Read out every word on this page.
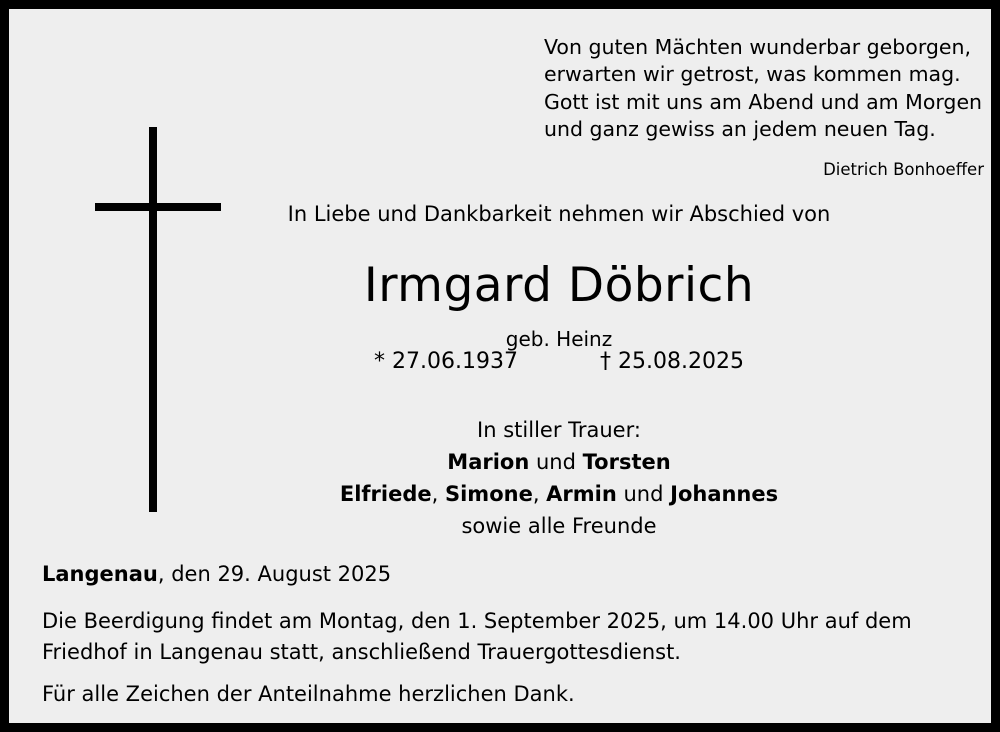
Von guten Mächten wunderbar geborgen,
erwarten wir getrost, was kommen mag.
Gott ist mit uns am Abend und am Morgen
und ganz gewiss an jedem neuen Tag.
Dietrich Bonhoeffer
In Liebe und Dankbarkeit nehmen wir Abschied von
Irmgard Döbrich
geb. Heinz
* 27.06.1937	† 25.08.2025
In stiller Trauer:
Marion und Torsten
Elfriede, Simone, Armin und Johannes
sowie alle Freunde
Langenau, den 29. August 2025
Die Beerdigung findet am Montag, den 1. September 2025, um 14.00 Uhr auf dem
Friedhof in Langenau statt, anschließend Trauergottesdienst.
Für alle Zeichen der Anteilnahme herzlichen Dank.
